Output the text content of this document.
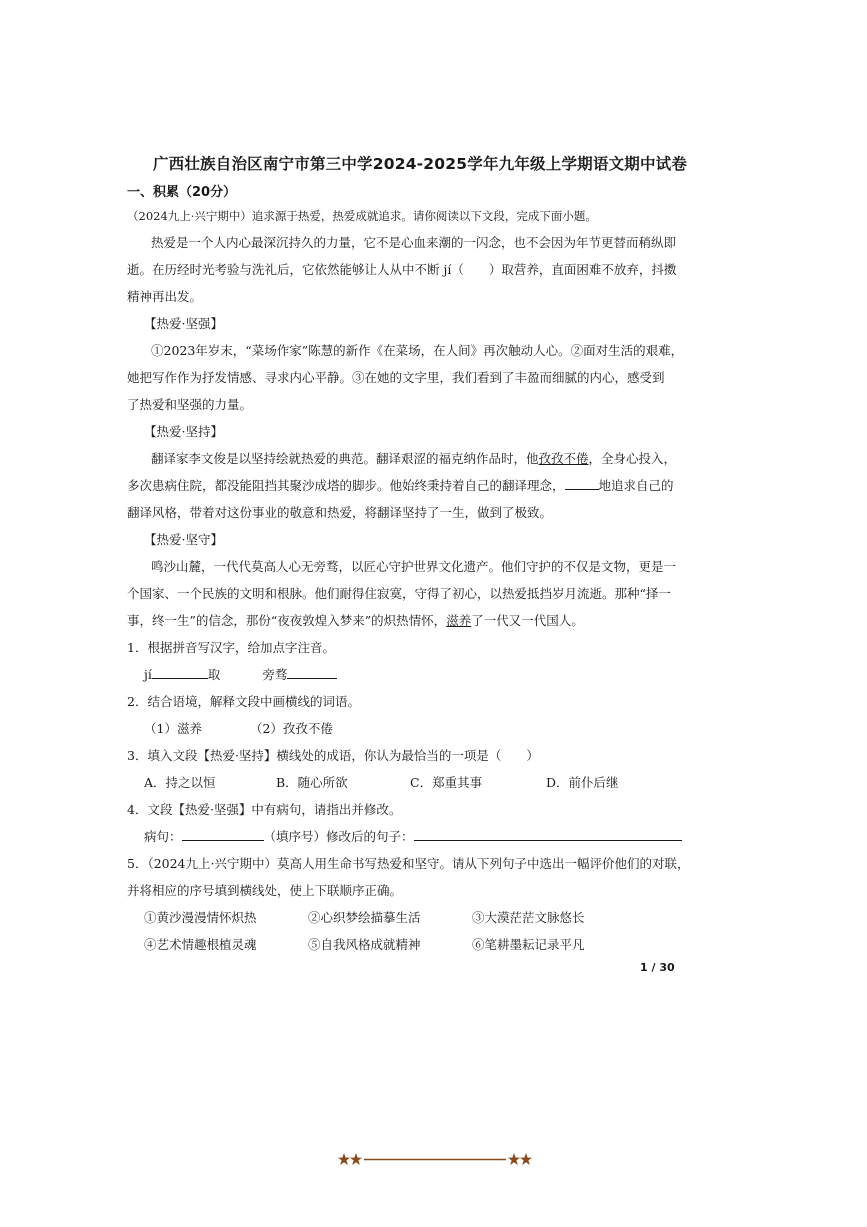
广西壮族自治区南宁市第三中学2024-2025学年九年级上学期语文期中试卷
一、积累（20分）
（2024九上·兴宁期中）追求源于热爱，热爱成就追求。请你阅读以下文段，完成下面小题。
热爱是一个人内心最深沉持久的力量，它不是心血来潮的一闪念，也不会因为年节更替而稍纵即
逝。在历经时光考验与洗礼后，它依然能够让人从中不断 jí（　　）取营养，直面困难不放弃，抖擞
精神再出发。
【热爱·坚强】
①2023年岁末，“菜场作家”陈慧的新作《在菜场，在人间》再次触动人心。②面对生活的艰难，
她把写作作为抒发情感、寻求内心平静。③在她的文字里，我们看到了丰盈而细腻的内心，感受到
了热爱和坚强的力量。
【热爱·坚持】
翻译家李文俊是以坚持绘就热爱的典范。翻译艰涩的福克纳作品时，他孜孜不倦，全身心投入，
多次患病住院，都没能阻挡其聚沙成塔的脚步。他始终秉持着自己的翻译理念，	地追求自己的
翻译风格，带着对这份事业的敬意和热爱，将翻译坚持了一生，做到了极致。
【热爱·坚守】
鸣沙山麓，一代代莫高人心无旁骛，以匠心守护世界文化遗产。他们守护的不仅是文物，更是一
个国家、一个民族的文明和根脉。他们耐得住寂寞，守得了初心，以热爱抵挡岁月流逝。那种“择一
事，终一生”的信念，那份“夜夜敦煌入梦来”的炽热情怀，滋养了一代又一代国人。
1．根据拼音写汉字，给加点字注音。
jí	取	旁骛
2．结合语境，解释文段中画横线的词语。
（1）滋养	（2）孜孜不倦
3．填入文段【热爱·坚持】横线处的成语，你认为最恰当的一项是（　　）
A．持之以恒	B．随心所欲	C．郑重其事	D．前仆后继
4．文段【热爱·坚强】中有病句，请指出并修改。
病句：	（填序号）修改后的句子：
5．（2024九上·兴宁期中）莫高人用生命书写热爱和坚守。请从下列句子中选出一幅评价他们的对联，
并将相应的序号填到横线处，使上下联顺序正确。
①黄沙漫漫情怀炽热	②心织梦绘描摹生活	③大漠茫茫文脉悠长
④艺术情趣根植灵魂	⑤自我风格成就精神	⑥笔耕墨耘记录平凡
1 / 30
